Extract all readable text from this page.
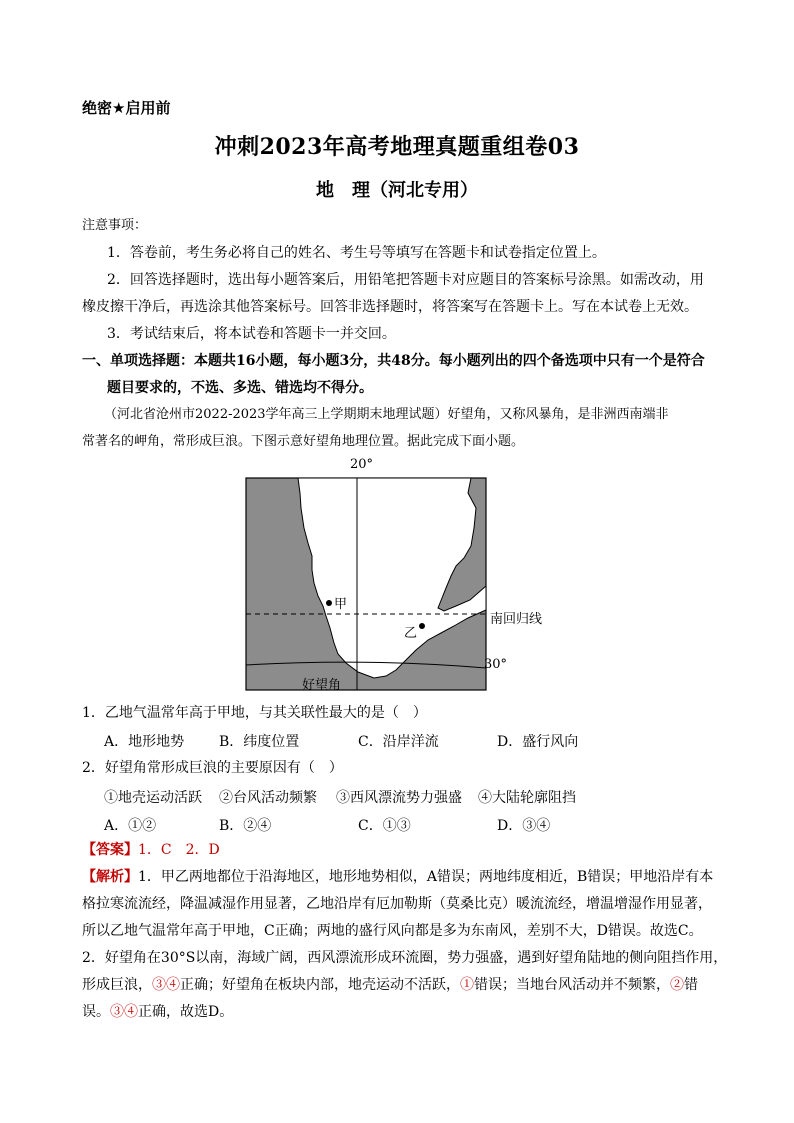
绝密★启用前
冲刺2023年高考地理真题重组卷03
地　理（河北专用）
注意事项：
1．答卷前，考生务必将自己的姓名、考生号等填写在答题卡和试卷指定位置上。
2．回答选择题时，选出每小题答案后，用铅笔把答题卡对应题目的答案标号涂黑。如需改动，用
橡皮擦干净后，再选涂其他答案标号。回答非选择题时，将答案写在答题卡上。写在本试卷上无效。
3．考试结束后，将本试卷和答题卡一并交回。
一、单项选择题：本题共16小题，每小题3分，共48分。每小题列出的四个备选项中只有一个是符合
题目要求的，不选、多选、错选均不得分。
（河北省沧州市2022-2023学年高三上学期期末地理试题）好望角，又称风暴角，是非洲西南端非
常著名的岬角，常形成巨浪。下图示意好望角地理位置。据此完成下面小题。
20°
甲
乙
南回归线
30°
好望角
1．乙地气温常年高于甲地，与其关联性最大的是（　）
A．地形地势 B．纬度位置	C．沿岸洋流	D．盛行风向
2．好望角常形成巨浪的主要原因有（　）
①地壳运动活跃 ②台风活动频繁 ③西风漂流势力强盛 ④大陆轮廓阻挡
A．①②	B．②④	C．①③	D．③④
【答案】1．C　2．D
【解析】1．甲乙两地都位于沿海地区，地形地势相似，A错误；两地纬度相近，B错误；甲地沿岸有本
格拉寒流流经，降温减湿作用显著，乙地沿岸有厄加勒斯（莫桑比克）暖流流经，增温增湿作用显著，
所以乙地气温常年高于甲地，C正确；两地的盛行风向都是多为东南风，差别不大，D错误。故选C。
2．好望角在30°S以南，海域广阔，西风漂流形成环流圈，势力强盛，遇到好望角陆地的侧向阻挡作用，
形成巨浪，③④正确；好望角在板块内部，地壳运动不活跃，①错误；当地台风活动并不频繁，②错
误。③④正确，故选D。
